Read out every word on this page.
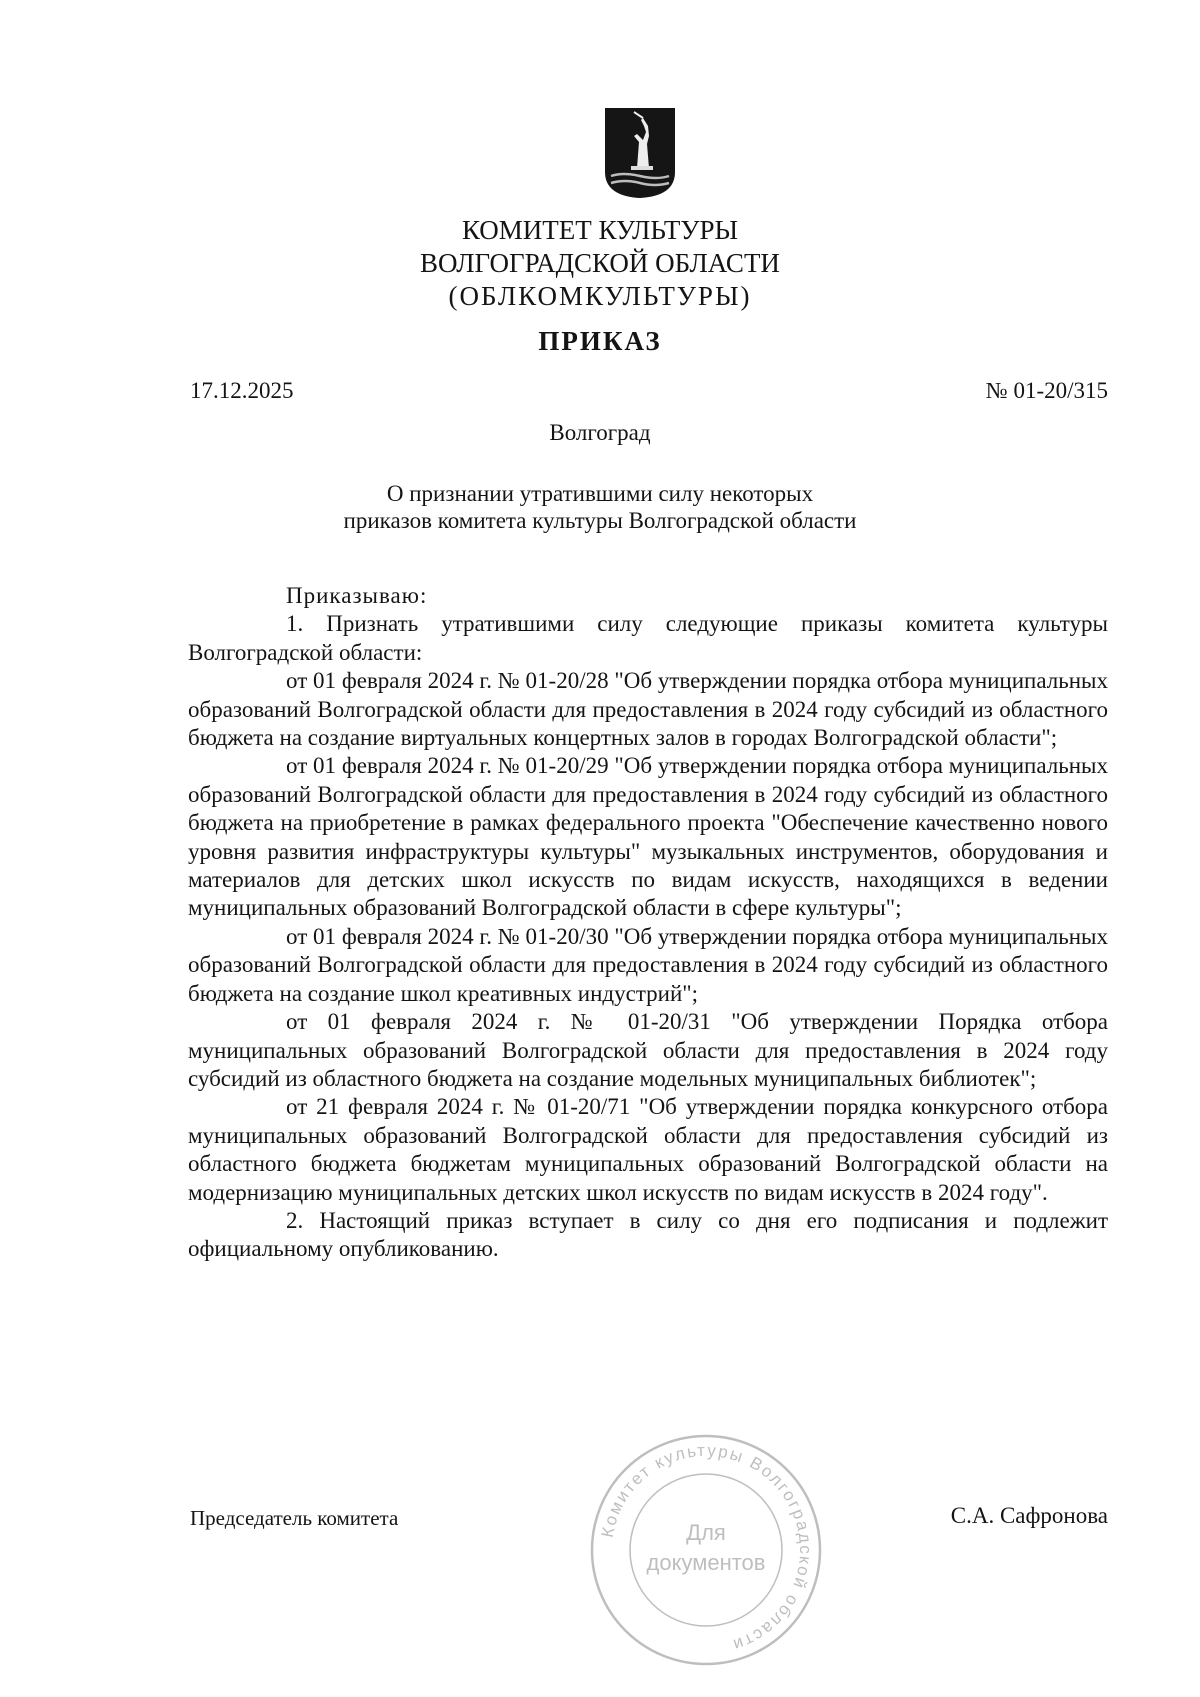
КОМИТЕТ КУЛЬТУРЫ
ВОЛГОГРАДСКОЙ ОБЛАСТИ
(ОБЛКОМКУЛЬТУРЫ)
ПРИКАЗ
17.12.2025	№ 01-20/315
Волгоград
О признании утратившими силу некоторых
приказов комитета культуры Волгоградской области

Приказываю:

1. Признать утратившими силу следующие приказы комитета культуры Волгоградской области:

от 01 февраля 2024 г. № 01-20/28 "Об утверждении порядка отбора муниципальных образований Волгоградской области для предоставления в 2024 году субсидий из областного бюджета на создание виртуальных концертных залов в городах Волгоградской области";

от 01 февраля 2024 г. № 01-20/29 "Об утверждении порядка отбора муниципальных образований Волгоградской области для предоставления в 2024 году субсидий из областного бюджета на приобретение в рамках федерального проекта "Обеспечение качественно нового уровня развития инфраструктуры культуры" музыкальных инструментов, оборудования и материалов для детских школ искусств по видам искусств, находящихся в ведении муниципальных образований Волгоградской области в сфере культуры";

от 01 февраля 2024 г. № 01-20/30 "Об утверждении порядка отбора муниципальных образований Волгоградской области для предоставления в 2024 году субсидий из областного бюджета на создание школ креативных индустрий";

от 01 февраля 2024 г. № 01-20/31 "Об утверждении Порядка отбора муниципальных образований Волгоградской области для предоставления в 2024 году субсидий из областного бюджета на создание модельных муниципальных библиотек";

от 21 февраля 2024 г. № 01-20/71 "Об утверждении порядка конкурсного отбора муниципальных образований Волгоградской области для предоставления субсидий из областного бюджета бюджетам муниципальных образований Волгоградской области на модернизацию муниципальных детских школ искусств по видам искусств в 2024 году".

2. Настоящий приказ вступает в силу со дня его подписания и подлежит официальному опубликованию.

Председатель комитета	С.А. Сафронова
Комитет культуры Волгоградской области
Для
документов
